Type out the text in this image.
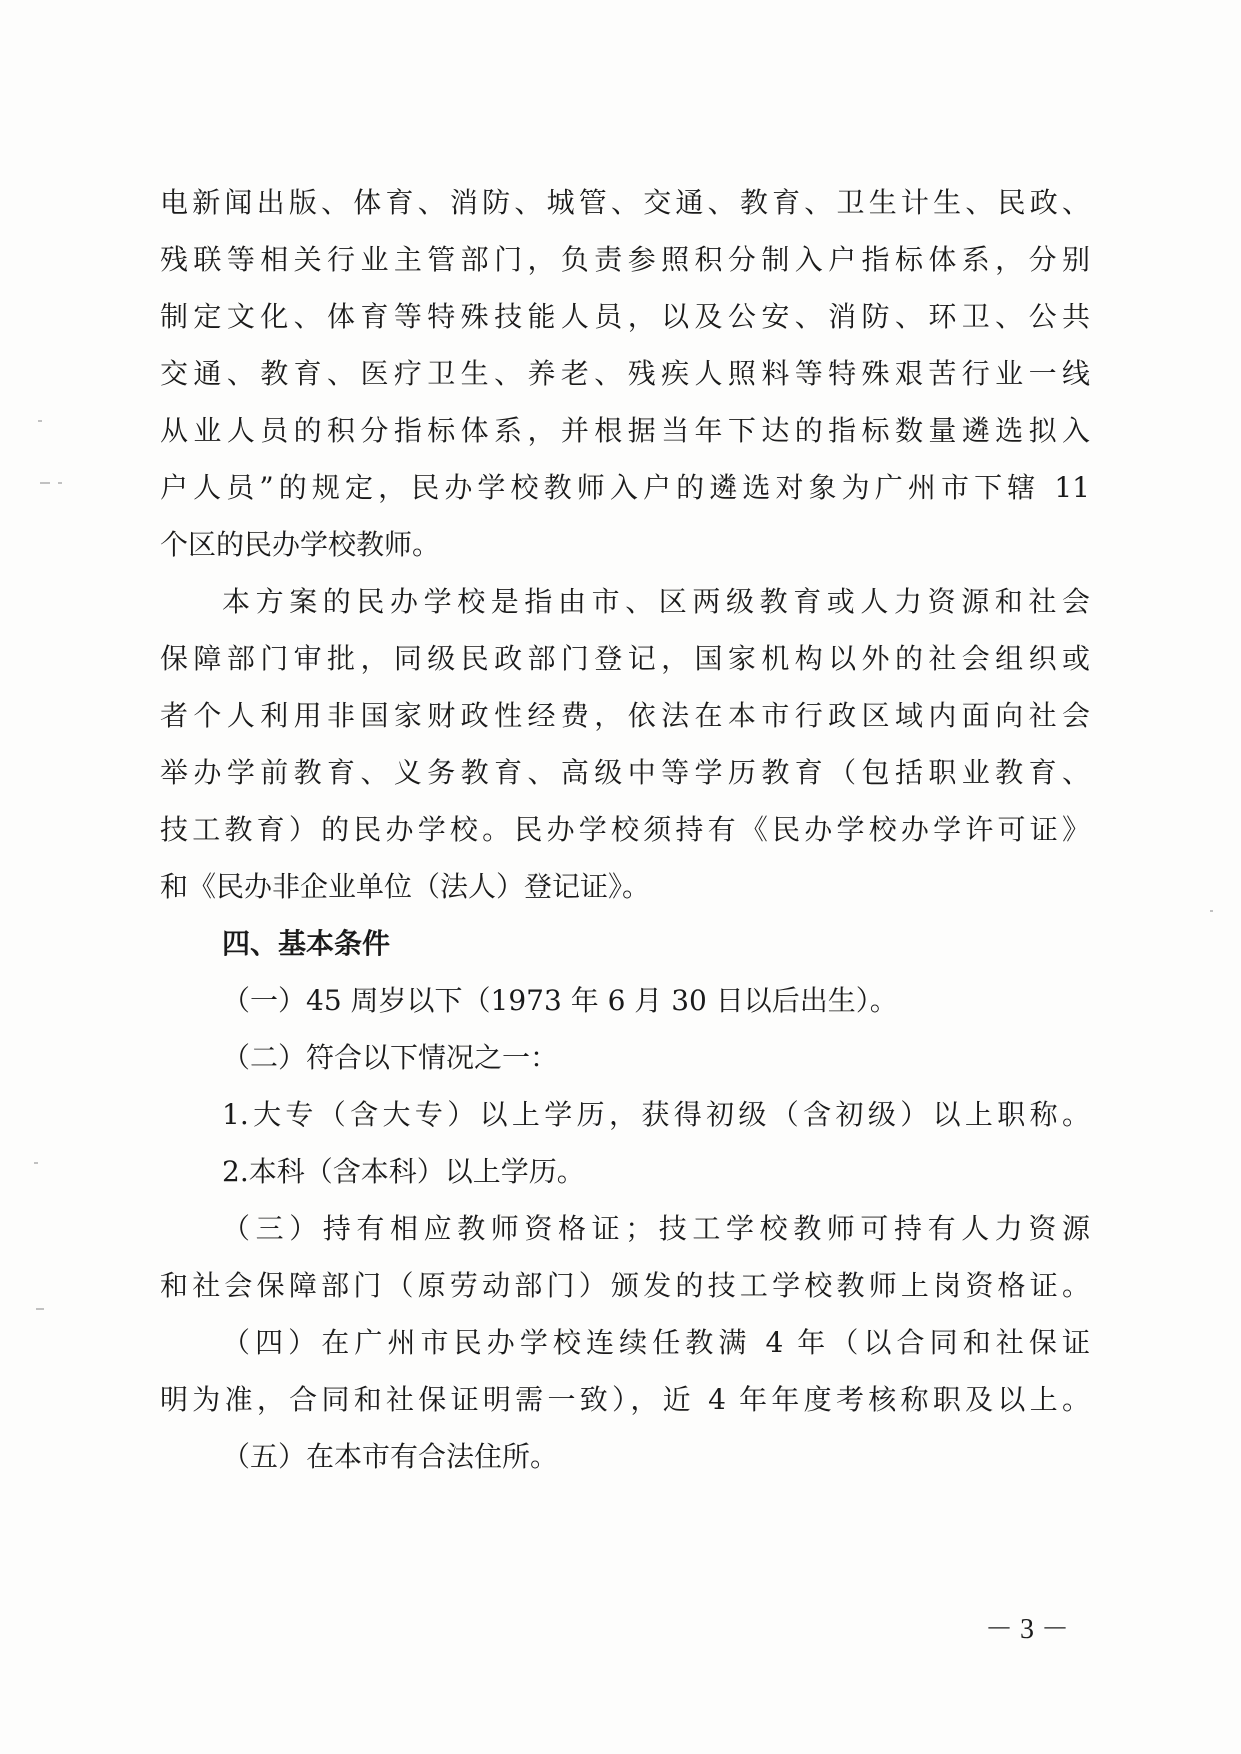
电新闻出版、体育、消防、城管、交通、教育、卫生计生、民政、
残联等相关行业主管部门，负责参照积分制入户指标体系，分别
制定文化、体育等特殊技能人员，以及公安、消防、环卫、公共
交通、教育、医疗卫生、养老、残疾人照料等特殊艰苦行业一线
从业人员的积分指标体系，并根据当年下达的指标数量遴选拟入
户人员”的规定，民办学校教师入户的遴选对象为广州市下辖 11
个区的民办学校教师。
本方案的民办学校是指由市、区两级教育或人力资源和社会
保障部门审批，同级民政部门登记，国家机构以外的社会组织或
者个人利用非国家财政性经费，依法在本市行政区域内面向社会
举办学前教育、义务教育、高级中等学历教育（包括职业教育、
技工教育）的民办学校。民办学校须持有《民办学校办学许可证》
和《民办非企业单位（法人）登记证》。
四、基本条件
（一）45 周岁以下（1973 年 6 月 30 日以后出生）。
（二）符合以下情况之一：
1.大专（含大专）以上学历，获得初级（含初级）以上职称。
2.本科（含本科）以上学历。
（三）持有相应教师资格证；技工学校教师可持有人力资源
和社会保障部门（原劳动部门）颁发的技工学校教师上岗资格证。
（四）在广州市民办学校连续任教满 4 年（以合同和社保证
明为准，合同和社保证明需一致），近 4 年年度考核称职及以上。
（五）在本市有合法住所。
－ 3 －
